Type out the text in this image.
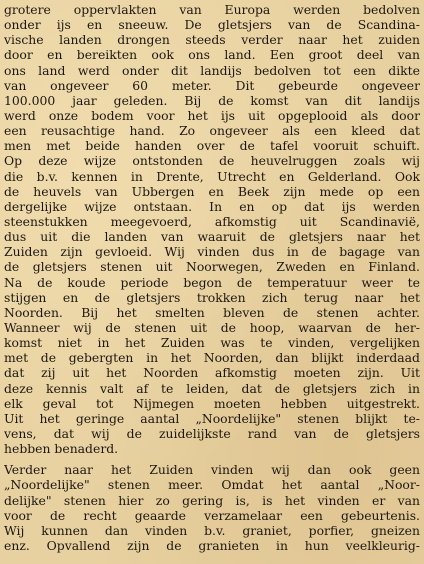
grotere oppervlakten van Europa werden bedolven
onder ijs en sneeuw. De gletsjers van de Scandina-
vische landen drongen steeds verder naar het zuiden
door en bereikten ook ons land. Een groot deel van
ons land werd onder dit landijs bedolven tot een dikte
van ongeveer 60 meter. Dit gebeurde ongeveer
100.000 jaar geleden. Bij de komst van dit landijs
werd onze bodem voor het ijs uit opgeplooid als door
een reusachtige hand. Zo ongeveer als een kleed dat
men met beide handen over de tafel vooruit schuift.
Op deze wijze ontstonden de heuvelruggen zoals wij
die b.v. kennen in Drente, Utrecht en Gelderland. Ook
de heuvels van Ubbergen en Beek zijn mede op een
dergelijke wijze ontstaan. In en op dat ijs werden
steenstukken meegevoerd, afkomstig uit Scandinavië,
dus uit die landen van waaruit de gletsjers naar het
Zuiden zijn gevloeid. Wij vinden dus in de bagage van
de gletsjers stenen uit Noorwegen, Zweden en Finland.
Na de koude periode begon de temperatuur weer te
stijgen en de gletsjers trokken zich terug naar het
Noorden. Bij het smelten bleven de stenen achter.
Wanneer wij de stenen uit de hoop, waarvan de her-
komst niet in het Zuiden was te vinden, vergelijken
met de gebergten in het Noorden, dan blijkt inderdaad
dat zij uit het Noorden afkomstig moeten zijn. Uit
deze kennis valt af te leiden, dat de gletsjers zich in
elk geval tot Nijmegen moeten hebben uitgestrekt.
Uit het geringe aantal „Noordelijke" stenen blijkt te-
vens, dat wij de zuidelijkste rand van de gletsjers
hebben benaderd.
Verder naar het Zuiden vinden wij dan ook geen
„Noordelijke" stenen meer. Omdat het aantal „Noor-
delijke" stenen hier zo gering is, is het vinden er van
voor de recht geaarde verzamelaar een gebeurtenis.
Wij kunnen dan vinden b.v. graniet, porfier, gneizen
enz. Opvallend zijn de granieten in hun veelkleurig-
